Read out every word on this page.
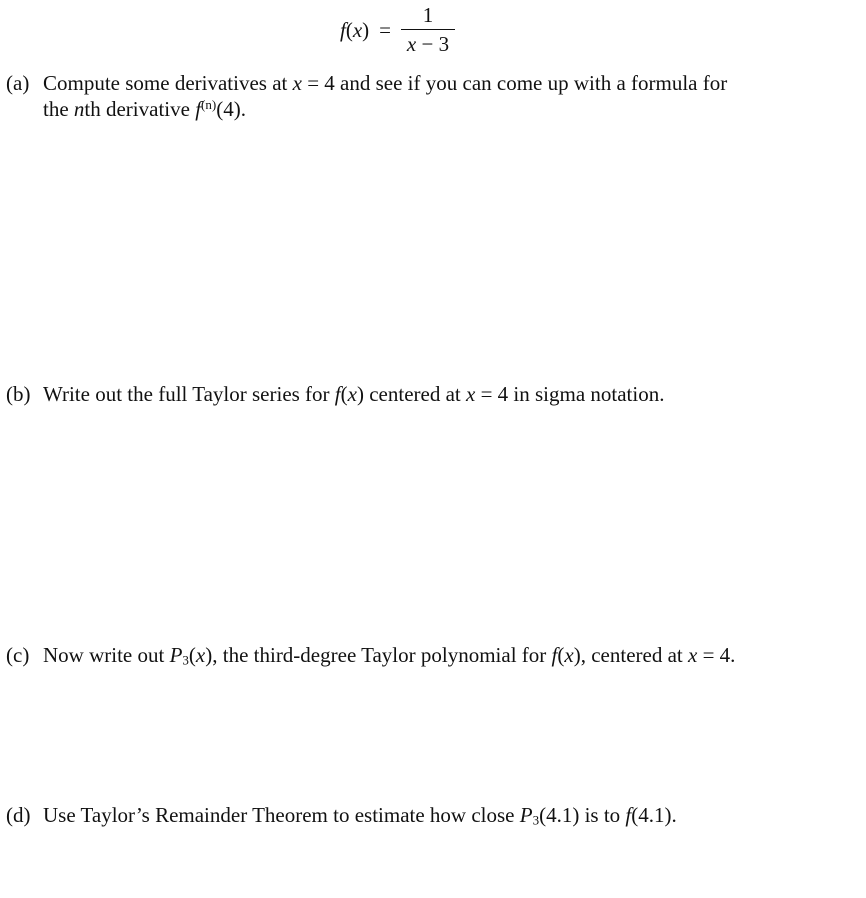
$f(x) = \frac{1}{x - 3}$
(a) Compute some derivatives at x = 4 and see if you can come up with a formula for
the nth derivative $f^{(n)}(4)$.
(b) Write out the full Taylor series for f(x) centered at x = 4 in sigma notation.
(c) Now write out $P_3(x)$, the third-degree Taylor polynomial for f(x), centered at x = 4.
(d) Use Taylor’s Remainder Theorem to estimate how close $P_3(4.1)$ is to f(4.1).
